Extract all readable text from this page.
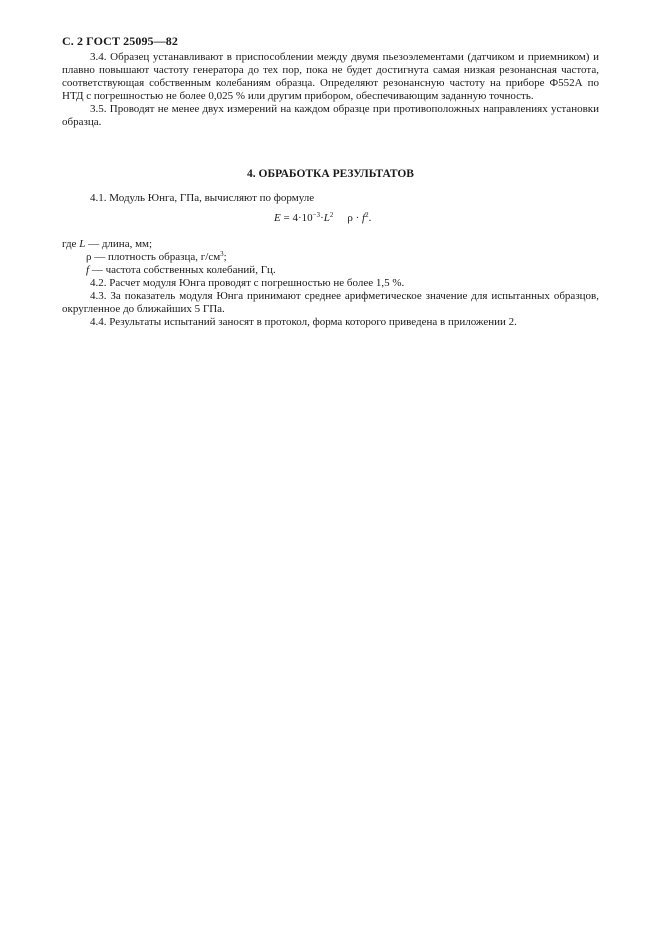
С. 2 ГОСТ 25095—82

3.4. Образец устанавливают в приспособлении между двумя пьезоэлементами (датчиком и приемником) и плавно повышают частоту генератора до тех пор, пока не будет достигнута самая низкая резонансная частота, соответствующая собственным колебаниям образца. Определяют резонансную частоту на приборе Ф552А по НТД с погрешностью не более 0,025 % или другим прибором, обеспечивающим заданную точность.

3.5. Проводят не менее двух измерений на каждом образце при противоположных направлениях установки образца.

4. ОБРАБОТКА РЕЗУЛЬТАТОВ

4.1. Модуль Юнга, ГПа, вычисляют по формуле

$E = 4\cdot 10^{-3}\cdot L^2$ $\rho \cdot f^2$.

где L — длина, мм;

ρ — плотность образца, $г/см^3$;

f — частота собственных колебаний, Гц.

4.2. Расчет модуля Юнга проводят с погрешностью не более 1,5 %.

4.3. За показатель модуля Юнга принимают среднее арифметическое значение для испытанных образцов, округленное до ближайших 5 ГПа.

4.4. Результаты испытаний заносят в протокол, форма которого приведена в приложении 2.
